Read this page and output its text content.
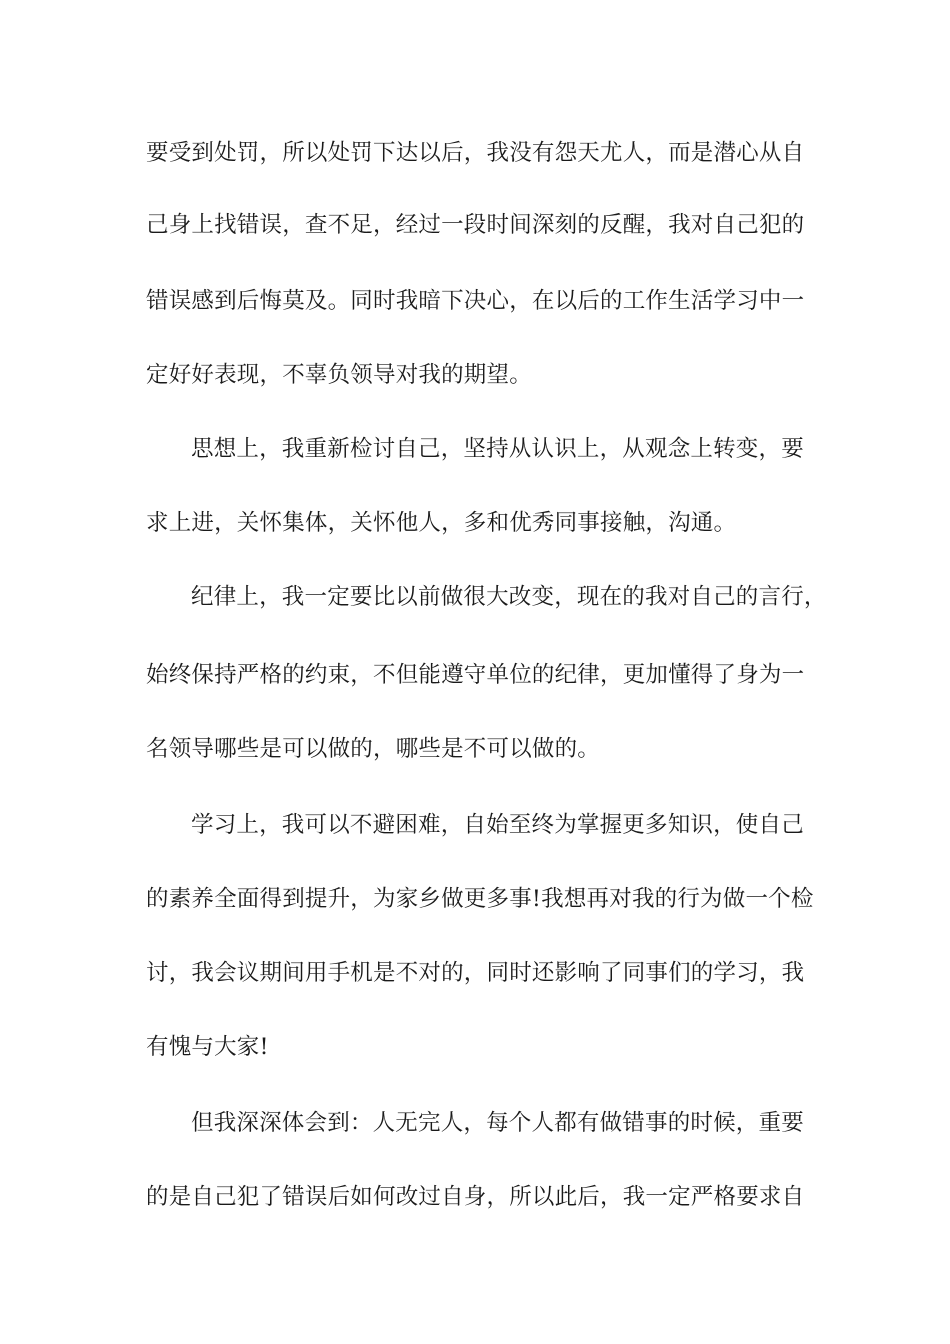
要受到处罚，所以处罚下达以后，我没有怨天尤人，而是潜心从自
己身上找错误，查不足，经过一段时间深刻的反醒，我对自己犯的
错误感到后悔莫及。同时我暗下决心，在以后的工作生活学习中一
定好好表现，不辜负领导对我的期望。
思想上，我重新检讨自己，坚持从认识上，从观念上转变，要
求上进，关怀集体，关怀他人，多和优秀同事接触，沟通。
纪律上，我一定要比以前做很大改变，现在的我对自己的言行，
始终保持严格的约束，不但能遵守单位的纪律，更加懂得了身为一
名领导哪些是可以做的，哪些是不可以做的。
学习上，我可以不避困难，自始至终为掌握更多知识，使自己
的素养全面得到提升，为家乡做更多事!我想再对我的行为做一个检
讨，我会议期间用手机是不对的，同时还影响了同事们的学习，我
有愧与大家!
但我深深体会到：人无完人，每个人都有做错事的时候，重要
的是自己犯了错误后如何改过自身，所以此后，我一定严格要求自
